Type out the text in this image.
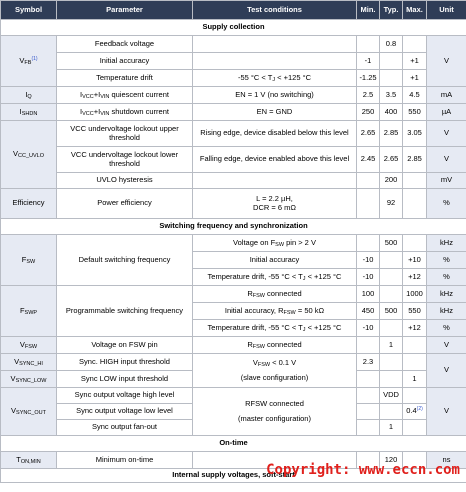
Symbol	Parameter	Test conditions	Min.	Typ.	Max.	Unit
Supply collection						
$V_{FB}^{(1)}$	Feedback voltage			0.8		V
	Initial accuracy		-1		+1	
	Temperature drift	-55 $^\circ C < T_J < +125$ °C	-1.25		+1	
$I_Q$	$I_{VCC}+I_{VIN}$ quiescent current	EN = 1 V (no switching)	2.5	3.5	4.5	mA
$I_{SHDN}$	$I_{VCC}+I_{VIN}$ shutdown current	EN = GND	250	400	550	µA
$V_{CC\_UVLO}$	VCC undervoltage lockout upper threshold	Rising edge, device disabled below this level	2.65	2.85	3.05	V
	VCC undervoltage lockout lower threshold	Falling edge, device enabled above this level	2.45	2.65	2.85	V
	UVLO hysteresis			200		mV
Efficiency	Power efficiency	L = 2.2 µH,
DCR = 6 mΩ		92		%
Switching frequency and synchronization						
$F_{SW}$	Default switching frequency	Voltage on $F_{SW}$ pin > 2 V		500		kHz
		Initial accuracy	-10		+10	%
		Temperature drift, -55 $^\circ C < T_J < +125$ °C	-10		+12	%
$F_{SWP}$	Programmable switching frequency	$R_{FSW}$ connected	100		1000	kHz
		Initial accuracy, $R_{FSW} = 50$ kΩ	450	500	550	kHz
		Temperature drift, -55 $^\circ C < T_J < +125$ °C	-10		+12	%
$V_{FSW}$	Voltage on FSW pin	$R_{FSW}$ connected		1		V
$V_{SYNC\_HI}$	Sync. HIGH input threshold	$V_{FSW} < 0.1$ V
(slave configuration)	2.3			V
$V_{SYNC\_LOW}$	Sync LOW input threshold				1	
$V_{SYNC\_OUT}$	Sync output voltage high level	RFSW connected
(master configuration)		VDD		V
	Sync output voltage low level				0.4$^{(2)}$
	Sync output fan-out			1		
On-time						
$T_{ON,MIN}$	Minimum on-time			120		ns
Internal supply voltages, soft-start						
Copyright: www.eccn.com
